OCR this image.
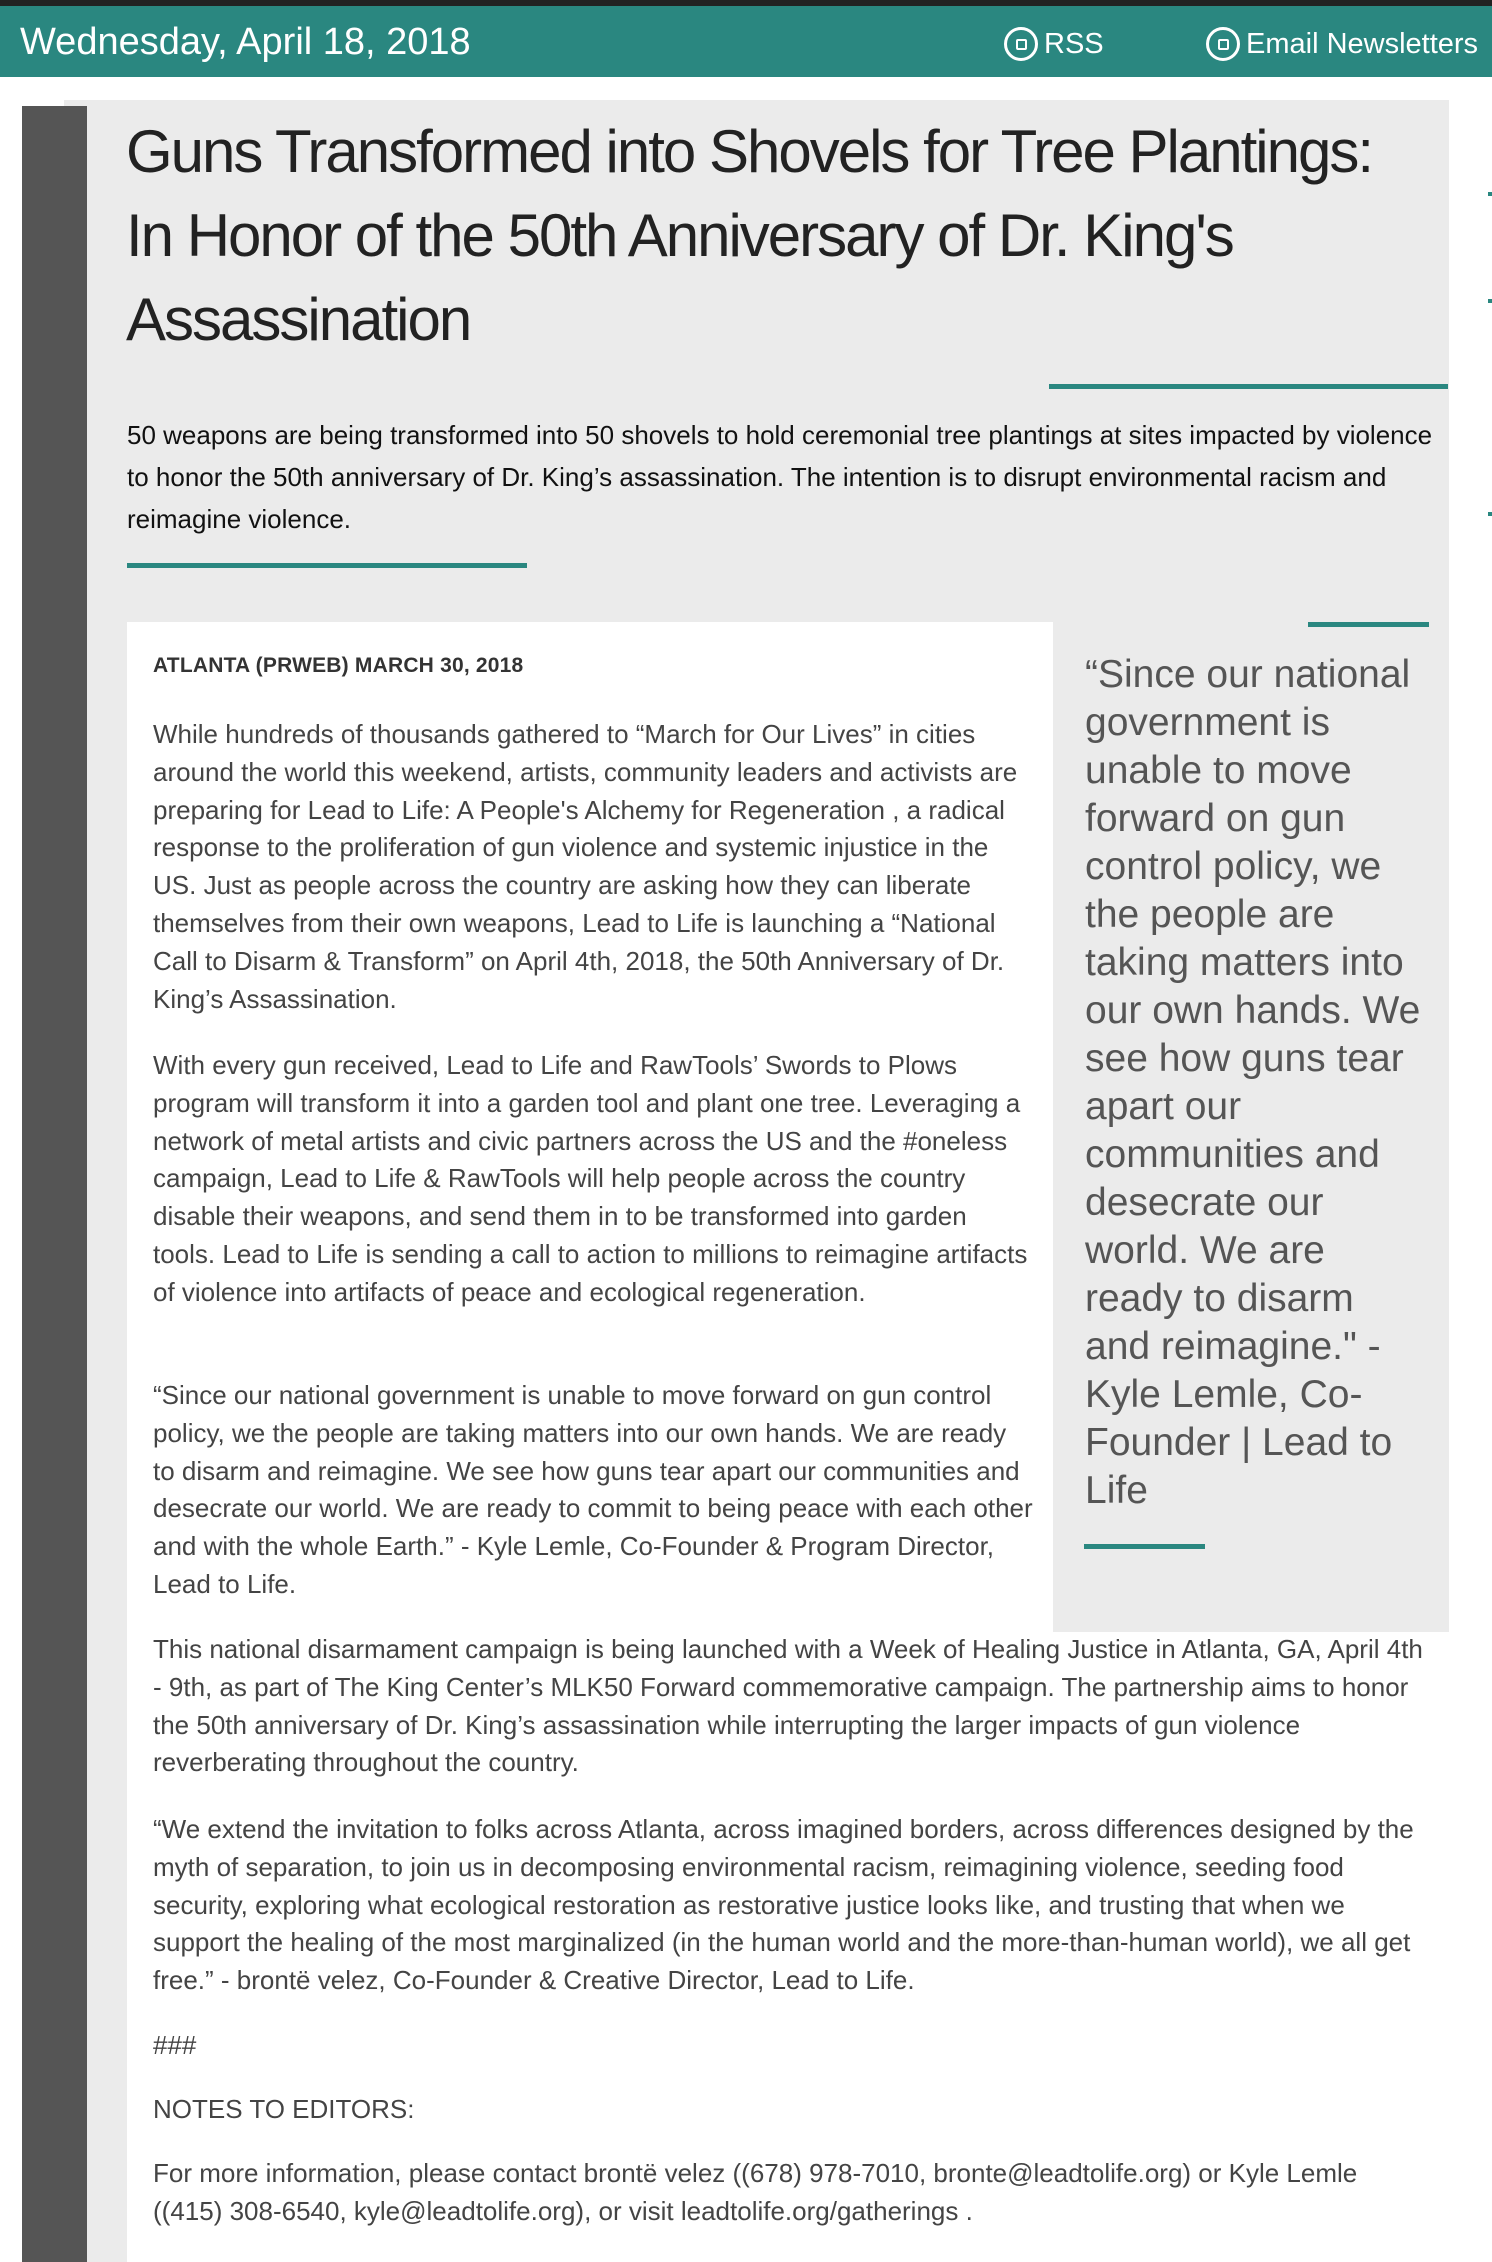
Wednesday, April 18, 2018	RSS	Email Newsletters
Guns Transformed into Shovels for Tree Plantings: In Honor of the 50th Anniversary of Dr. King's Assassination
50 weapons are being transformed into 50 shovels to hold ceremonial tree plantings at sites impacted by violence to honor the 50th anniversary of Dr. King’s assassination. The intention is to disrupt environmental racism and reimagine violence.
ATLANTA (PRWEB) MARCH 30, 2018

While hundreds of thousands gathered to “March for Our Lives” in cities around the world this weekend, artists, community leaders and activists are preparing for Lead to Life: A People's Alchemy for Regeneration , a radical response to the proliferation of gun violence and systemic injustice in the US. Just as people across the country are asking how they can liberate themselves from their own weapons, Lead to Life is launching a “National Call to Disarm & Transform” on April 4th, 2018, the 50th Anniversary of Dr. King’s Assassination.

With every gun received, Lead to Life and RawTools’ Swords to Plows program will transform it into a garden tool and plant one tree. Leveraging a network of metal artists and civic partners across the US and the #oneless campaign, Lead to Life & RawTools will help people across the country disable their weapons, and send them in to be transformed into garden tools. Lead to Life is sending a call to action to millions to reimagine artifacts of violence into artifacts of peace and ecological regeneration.

“Since our national government is unable to move forward on gun control policy, we the people are taking matters into our own hands. We are ready to disarm and reimagine. We see how guns tear apart our communities and desecrate our world. We are ready to commit to being peace with each other and with the whole Earth.” - Kyle Lemle, Co-Founder & Program Director, Lead to Life.

This national disarmament campaign is being launched with a Week of Healing Justice in Atlanta, GA, April 4th - 9th, as part of The King Center’s MLK50 Forward commemorative campaign. The partnership aims to honor the 50th anniversary of Dr. King’s assassination while interrupting the larger impacts of gun violence reverberating throughout the country.

“We extend the invitation to folks across Atlanta, across imagined borders, across differences designed by the myth of separation, to join us in decomposing environmental racism, reimagining violence, seeding food security, exploring what ecological restoration as restorative justice looks like, and trusting that when we support the healing of the most marginalized (in the human world and the more-than-human world), we all get free.” - brontë velez, Co-Founder & Creative Director, Lead to Life.

###

NOTES TO EDITORS:

For more information, please contact brontë velez ((678) 978-7010, bronte@leadtolife.org) or Kyle Lemle ((415) 308-6540, kyle@leadtolife.org), or visit leadtolife.org/gatherings .

“Since our national government is unable to move forward on gun control policy, we the people are taking matters into our own hands. We see how guns tear apart our communities and desecrate our world. We are ready to disarm and reimagine." - Kyle Lemle, Co-Founder | Lead to Life
